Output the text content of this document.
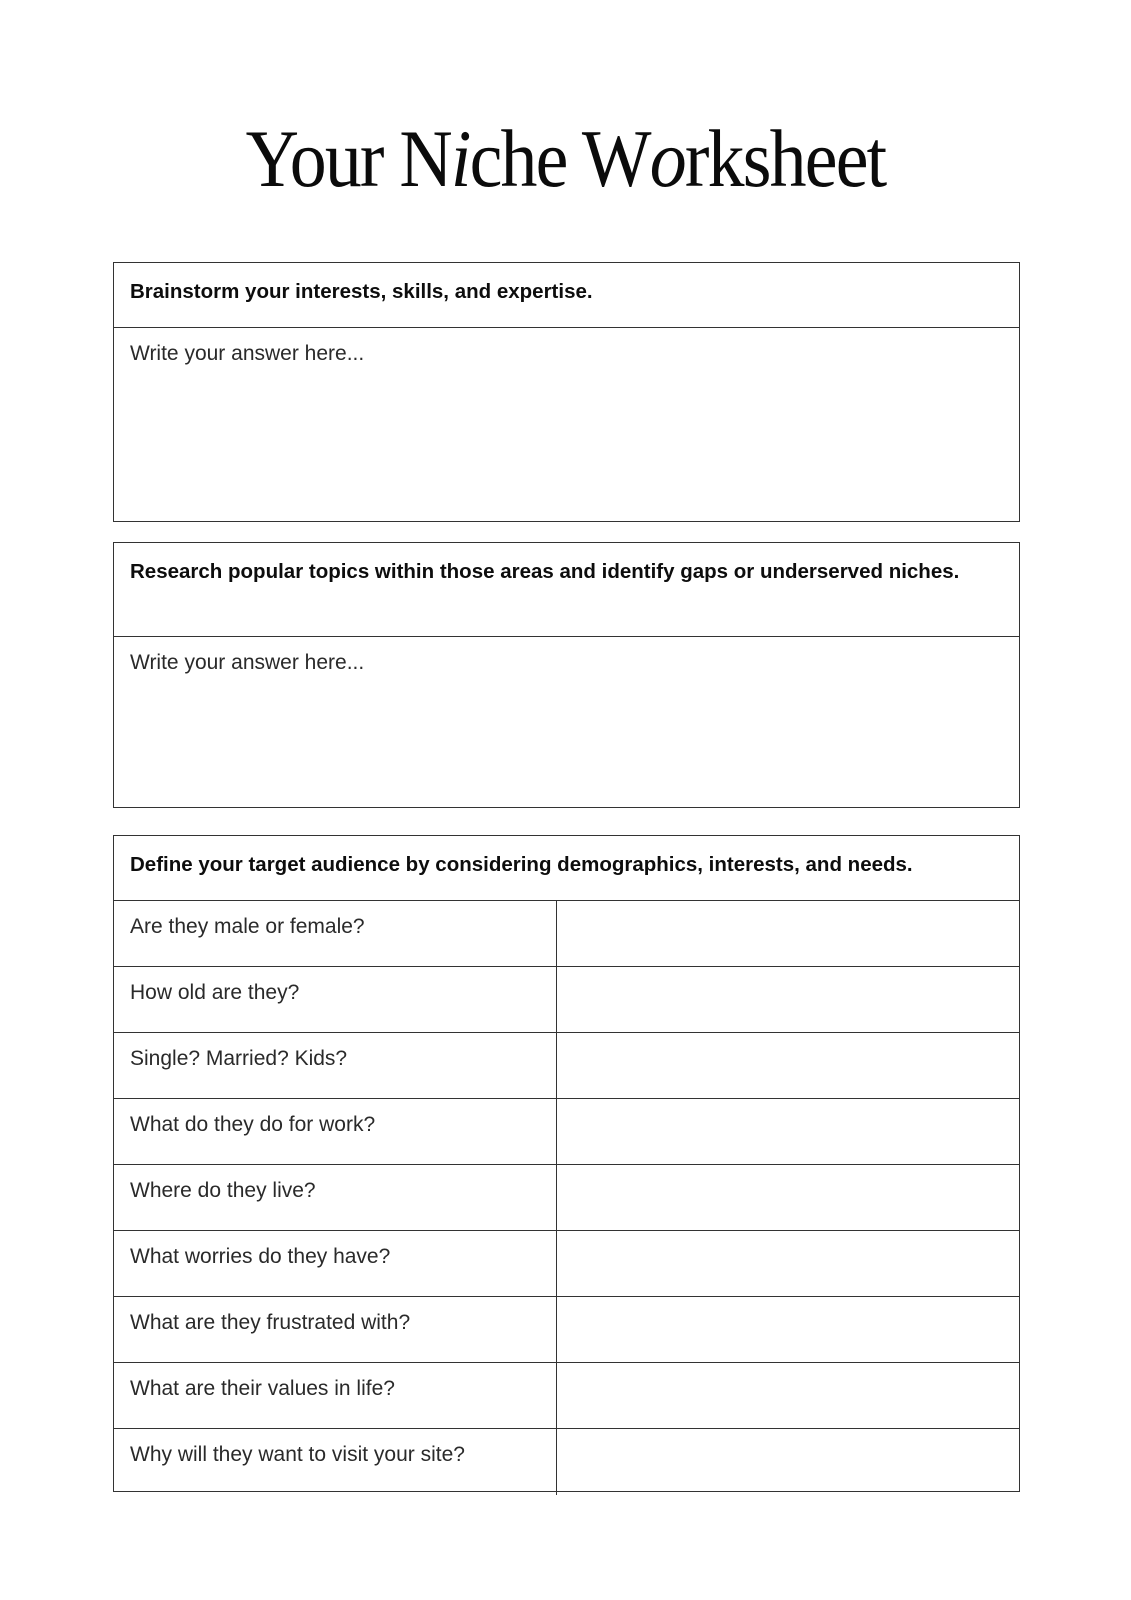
Your Niche Worksheet
Brainstorm your interests, skills, and expertise.
Write your answer here...
Research popular topics within those areas and identify gaps or underserved niches.
Write your answer here...
Define your target audience by considering demographics, interests, and needs.
Are they male or female?
How old are they?
Single? Married? Kids?
What do they do for work?
Where do they live?
What worries do they have?
What are they frustrated with?
What are their values in life?
Why will they want to visit your site?
